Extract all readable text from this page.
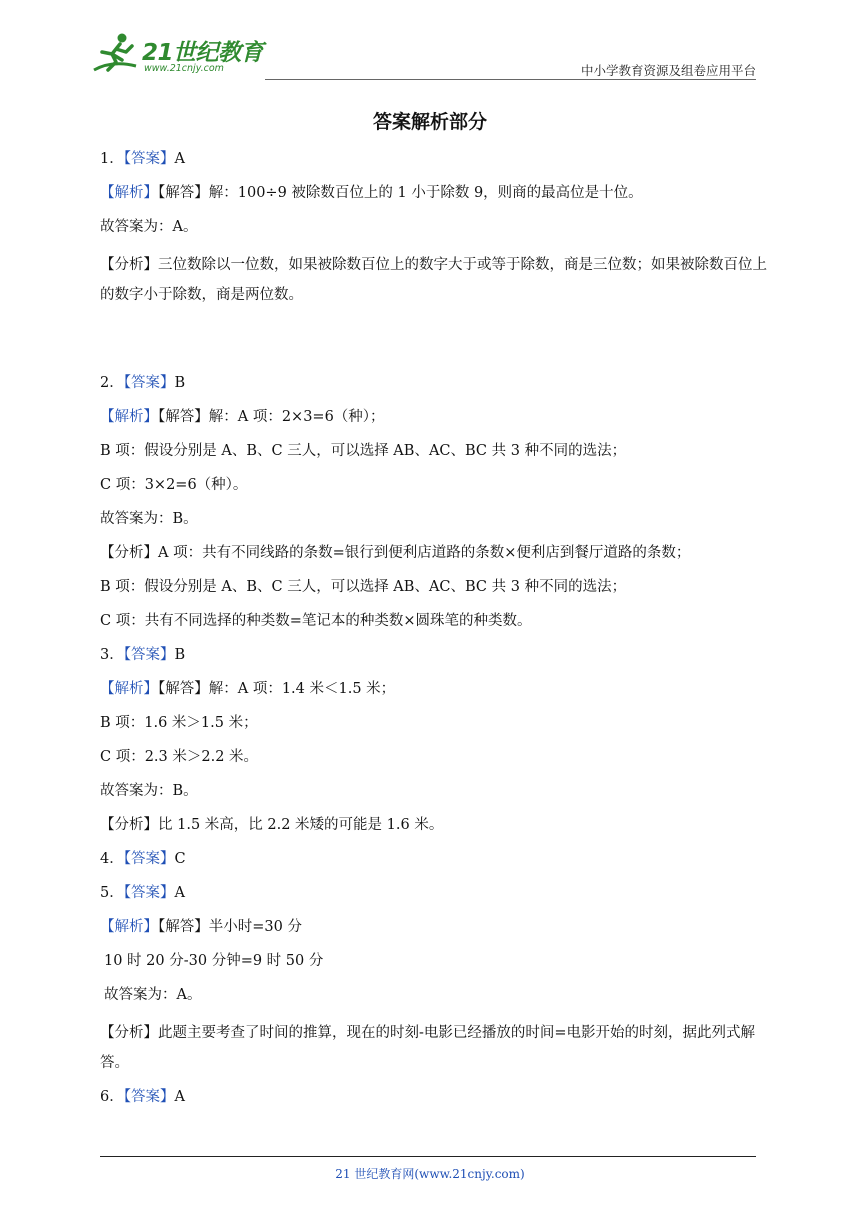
21世纪教育
www.21cnjy.com	中小学教育资源及组卷应用平台
答案解析部分
1．【答案】A
【解析】【解答】解：100÷9 被除数百位上的 1 小于除数 9，则商的最高位是十位。
故答案为：A。
【分析】三位数除以一位数，如果被除数百位上的数字大于或等于除数，商是三位数；如果被除数百位上的数字小于除数，商是两位数。
2．【答案】B
【解析】【解答】解：A 项：2×3=6（种）；
B 项：假设分别是 A、B、C 三人，可以选择 AB、AC、BC 共 3 种不同的选法；
C 项：3×2=6（种）。
故答案为：B。
【分析】A 项：共有不同线路的条数=银行到便利店道路的条数×便利店到餐厅道路的条数；
B 项：假设分别是 A、B、C 三人，可以选择 AB、AC、BC 共 3 种不同的选法；
C 项：共有不同选择的种类数=笔记本的种类数×圆珠笔的种类数。
3．【答案】B
【解析】【解答】解：A 项：1.4 米＜1.5 米；
B 项：1.6 米＞1.5 米；
C 项：2.3 米＞2.2 米。
故答案为：B。
【分析】比 1.5 米高，比 2.2 米矮的可能是 1.6 米。
4．【答案】C
5．【答案】A
【解析】【解答】半小时=30 分
10 时 20 分-30 分钟=9 时 50 分
故答案为：A。
【分析】此题主要考查了时间的推算，现在的时刻-电影已经播放的时间=电影开始的时刻，据此列式解答。
6．【答案】A
21 世纪教育网(www.21cnjy.com)
